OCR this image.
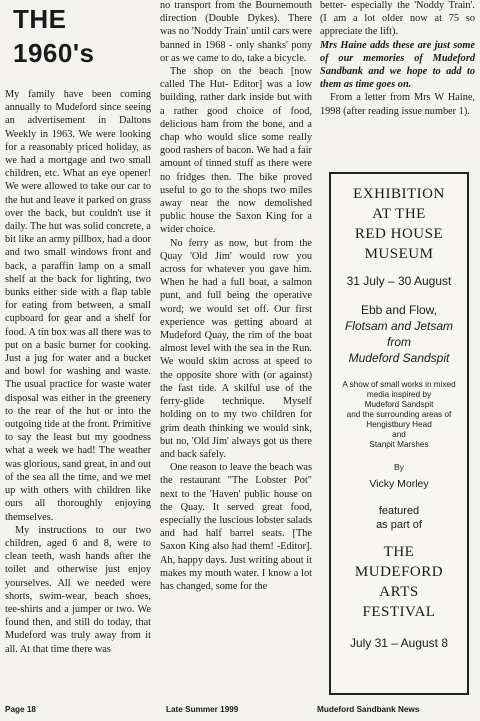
THE 1960's

My family have been coming annually to Mudeford since seeing an advertisement in Daltons Weekly in 1963. We were looking for a reasonably priced holiday, as we had a mortgage and two small children, etc. What an eye opener! We were allowed to take our car to the hut and leave it parked on grass over the back, but couldn't use it daily. The hut was solid concrete, a bit like an army pillbox, had a door and two small windows front and back, a paraffin lamp on a small shelf at the back for lighting, two bunks either side with a flap table for eating from between, a small cupboard for gear and a shelf for food. A tin box was all there was to put on a basic burner for cooking. Just a jug for water and a bucket and bowl for washing and waste. The usual practice for waste water disposal was either in the greenery to the rear of the hut or into the outgoing tide at the front. Primitive to say the least but my goodness what a week we had! The weather was glorious, sand great, in and out of the sea all the time, and we met up with others with children like ours all thoroughly enjoying themselves.

My instructions to our two children, aged 6 and 8, were to clean teeth, wash hands after the toilet and otherwise just enjoy yourselves. All we needed were shorts, swim-wear, beach shoes, tee-shirts and a jumper or two. We found then, and still do today, that Mudeford was truly away from it all. At that time there was

no transport from the Bournemouth direction (Double Dykes). There was no 'Noddy Train' until cars were banned in 1968 - only shanks' pony or as we came to do, take a bicycle.

The shop on the beach [now called The Hut- Editor] was a low building, rather dark inside but with a rather good choice of food, delicious ham from the bone, and a chap who would slice some really good rashers of bacon. We had a fair amount of tinned stuff as there were no fridges then. The bike proved useful to go to the shops two miles away near the now demolished public house the Saxon King for a wider choice.

No ferry as now, but from the Quay 'Old Jim' would row you across for whatever you gave him. When he had a full boat, a salmon punt, and full being the operative word; we would set off. Our first experience was getting aboard at Mudeford Quay, the rim of the boat almost level with the sea in the Run. We would skim across at speed to the opposite shore with (or against) the fast tide. A skilful use of the ferry-glide technique. Myself holding on to my two children for grim death thinking we would sink, but no, 'Old Jim' always got us there and back safely.

One reason to leave the beach was the restaurant "The Lobster Pot" next to the 'Haven' public house on the Quay. It served great food, especially the luscious lobster salads and had half barrel seats. [The Saxon King also had them! -Editor]. Ah, happy days. Just writing about it makes my mouth water. I know a lot has changed, some for the

better- especially the 'Noddy Train'. (I am a lot older now at 75 so appreciate the lift).

Mrs Haine adds these are just some of our memories of Mudeford Sandbank and we hope to add to them as time goes on.

From a letter from Mrs W Haine, 1998 (after reading issue number 1).

EXHIBITION
AT THE
RED HOUSE
MUSEUM
31 July – 30 August
Ebb and Flow,
Flotsam and Jetsam
from
Mudeford Sandspit
A show of small works in mixed
media inspired by
Mudeford Sandspit
and the surrounding areas of
Hengistbury Head
and
Stanpit Marshes
By
Vicky Morley
featured
as part of
THE
MUDEFORD
ARTS
FESTIVAL
July 31 – August 8
Page 18	Late Summer 1999	Mudeford Sandbank News
